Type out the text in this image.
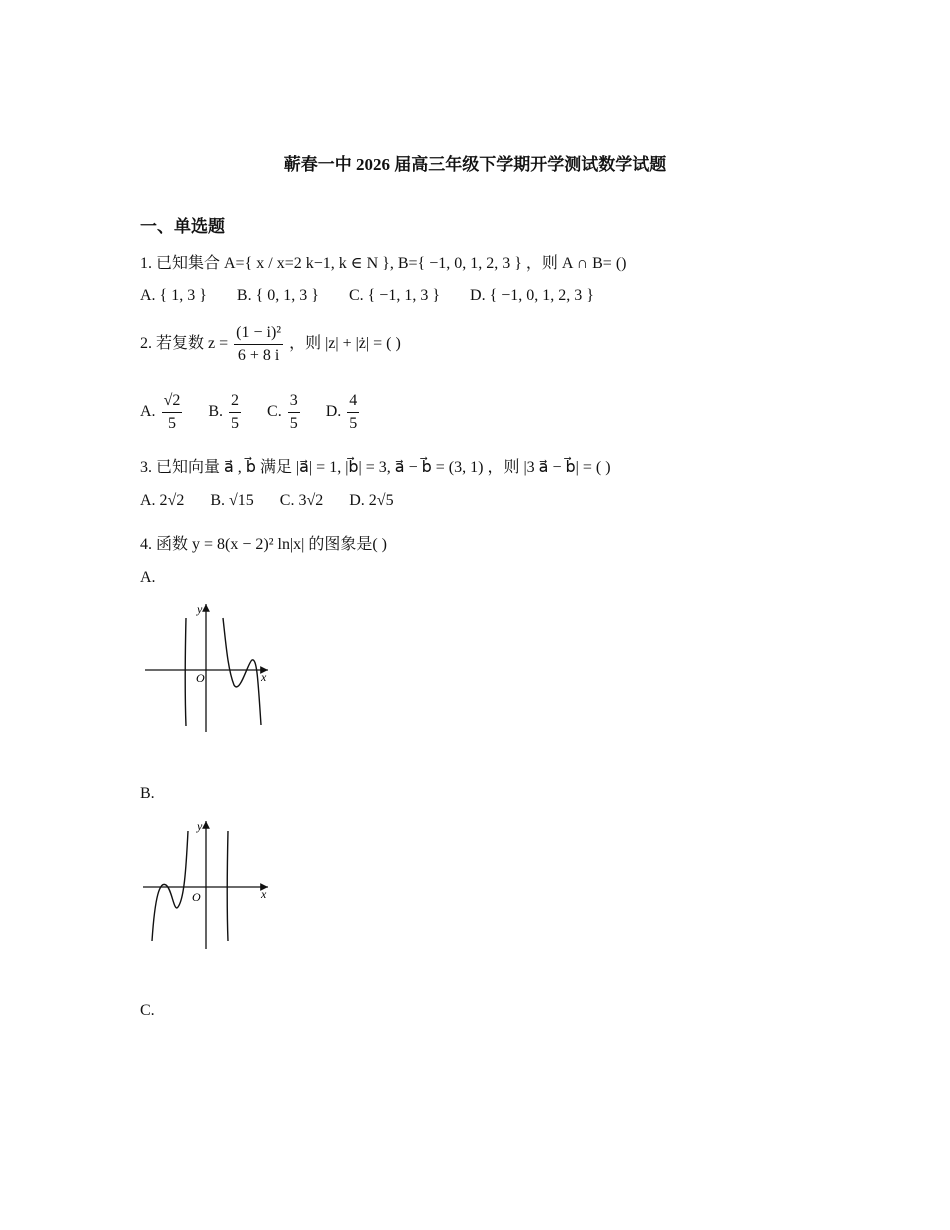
蕲春一中 2026 届高三年级下学期开学测试数学试题
一、单选题
1. 已知集合 A={ x / x=2 k−1, k ∈ N }, B={ −1, 0, 1, 2, 3 } ，则 A ∩ B= ()
A. { 1, 3 } B. { 0, 1, 3 } C. { −1, 1, 3 } D. { −1, 0, 1, 2, 3 }
2. 若复数 $z = \frac{\text{(1 − i)²}}{6 + 8 i}$ ，则 |z| + |ż| = ( )
A. $\frac{√2}{5} B$. $\frac{2}{5} C$. $\frac{3}{5} D$. $\frac{4}{5}$
3. 已知向量 a⃗ , b⃗ 满足 |a⃗| = 1, |b⃗| = 3, a⃗ − b⃗ = (3, 1) ，则 |3 a⃗ − b⃗| = ( )
A. 2√2 B. √15 C. 3√2 D. 2√5
4. 函数 y = 8(x − 2)² ln|x| 的图象是( )
A.
O	x
y
B.
O	x
y
C.
